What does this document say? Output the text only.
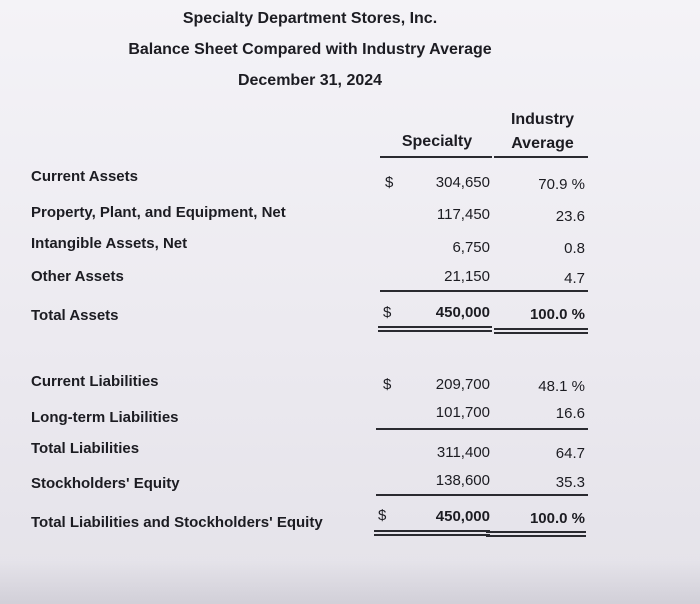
Specialty Department Stores, Inc.
Balance Sheet Compared with Industry Average
December 31, 2024
Specialty
Industry
Average
Current Assets	$	304,650	70.9 %
Property, Plant, and Equipment, Net	117,450	23.6
Intangible Assets, Net	6,750	0.8
Other Assets	21,150	4.7
Total Assets	$	450,000	100.0 %
Current Liabilities	$	209,700	48.1 %
Long-term Liabilities	101,700	16.6
Total Liabilities	311,400	64.7
Stockholders' Equity	138,600	35.3
Total Liabilities and Stockholders' Equity	$	450,000	100.0 %
